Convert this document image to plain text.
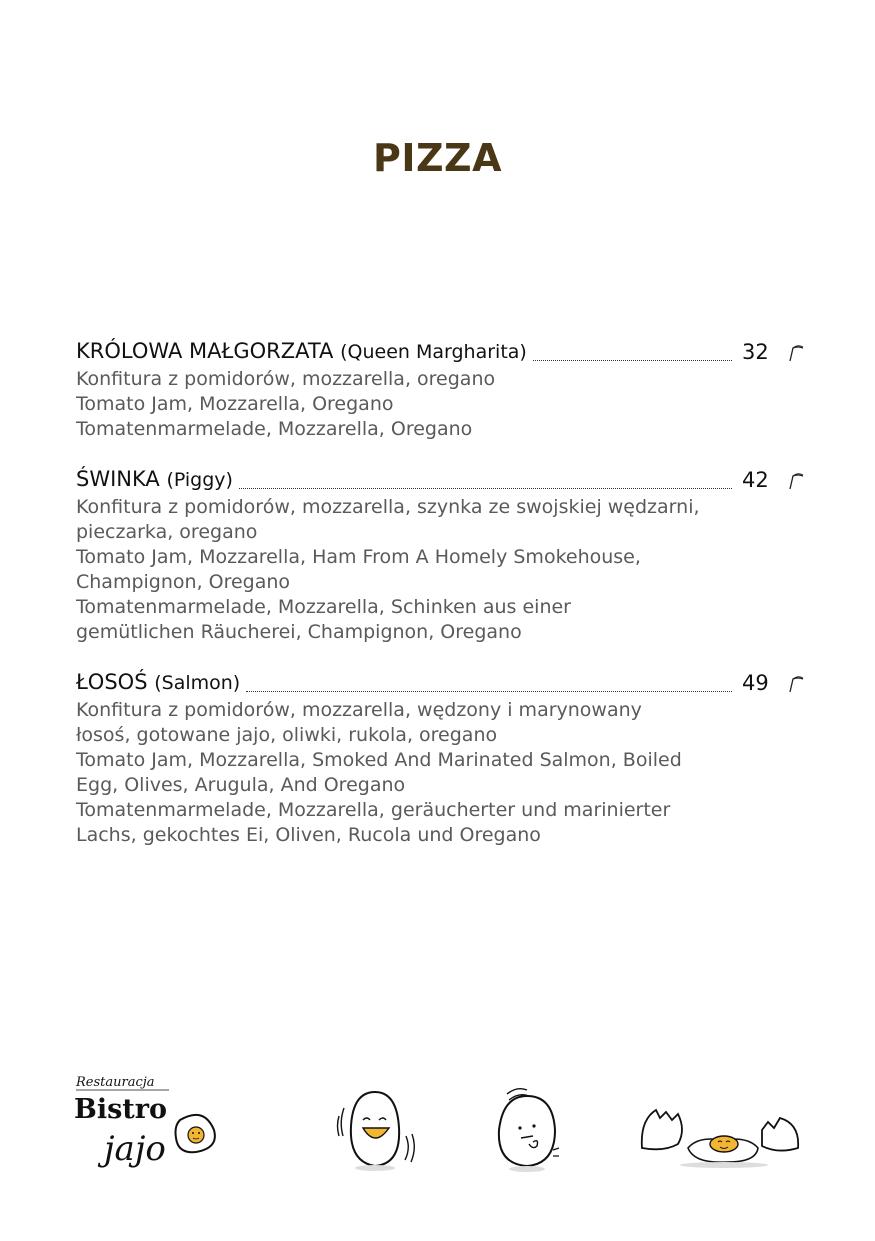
PIZZA
KRÓLOWA MAŁGORZATA (Queen Margharita)	32
Konfitura z pomidorów, mozzarella, oregano
Tomato Jam, Mozzarella, Oregano
Tomatenmarmelade, Mozzarella, Oregano
ŚWINKA (Piggy)	42
Konfitura z pomidorów, mozzarella, szynka ze swojskiej wędzarni,
pieczarka, oregano
Tomato Jam, Mozzarella, Ham From A Homely Smokehouse,
Champignon, Oregano
Tomatenmarmelade, Mozzarella, Schinken aus einer
gemütlichen Räucherei, Champignon, Oregano
ŁOSOŚ (Salmon)	49
Konfitura z pomidorów, mozzarella, wędzony i marynowany
łosoś, gotowane jajo, oliwki, rukola, oregano
Tomato Jam, Mozzarella, Smoked And Marinated Salmon, Boiled
Egg, Olives, Arugula, And Oregano
Tomatenmarmelade, Mozzarella, geräucherter und marinierter
Lachs, gekochtes Ei, Oliven, Rucola und Oregano
Restauracja
Bistro
jajo
